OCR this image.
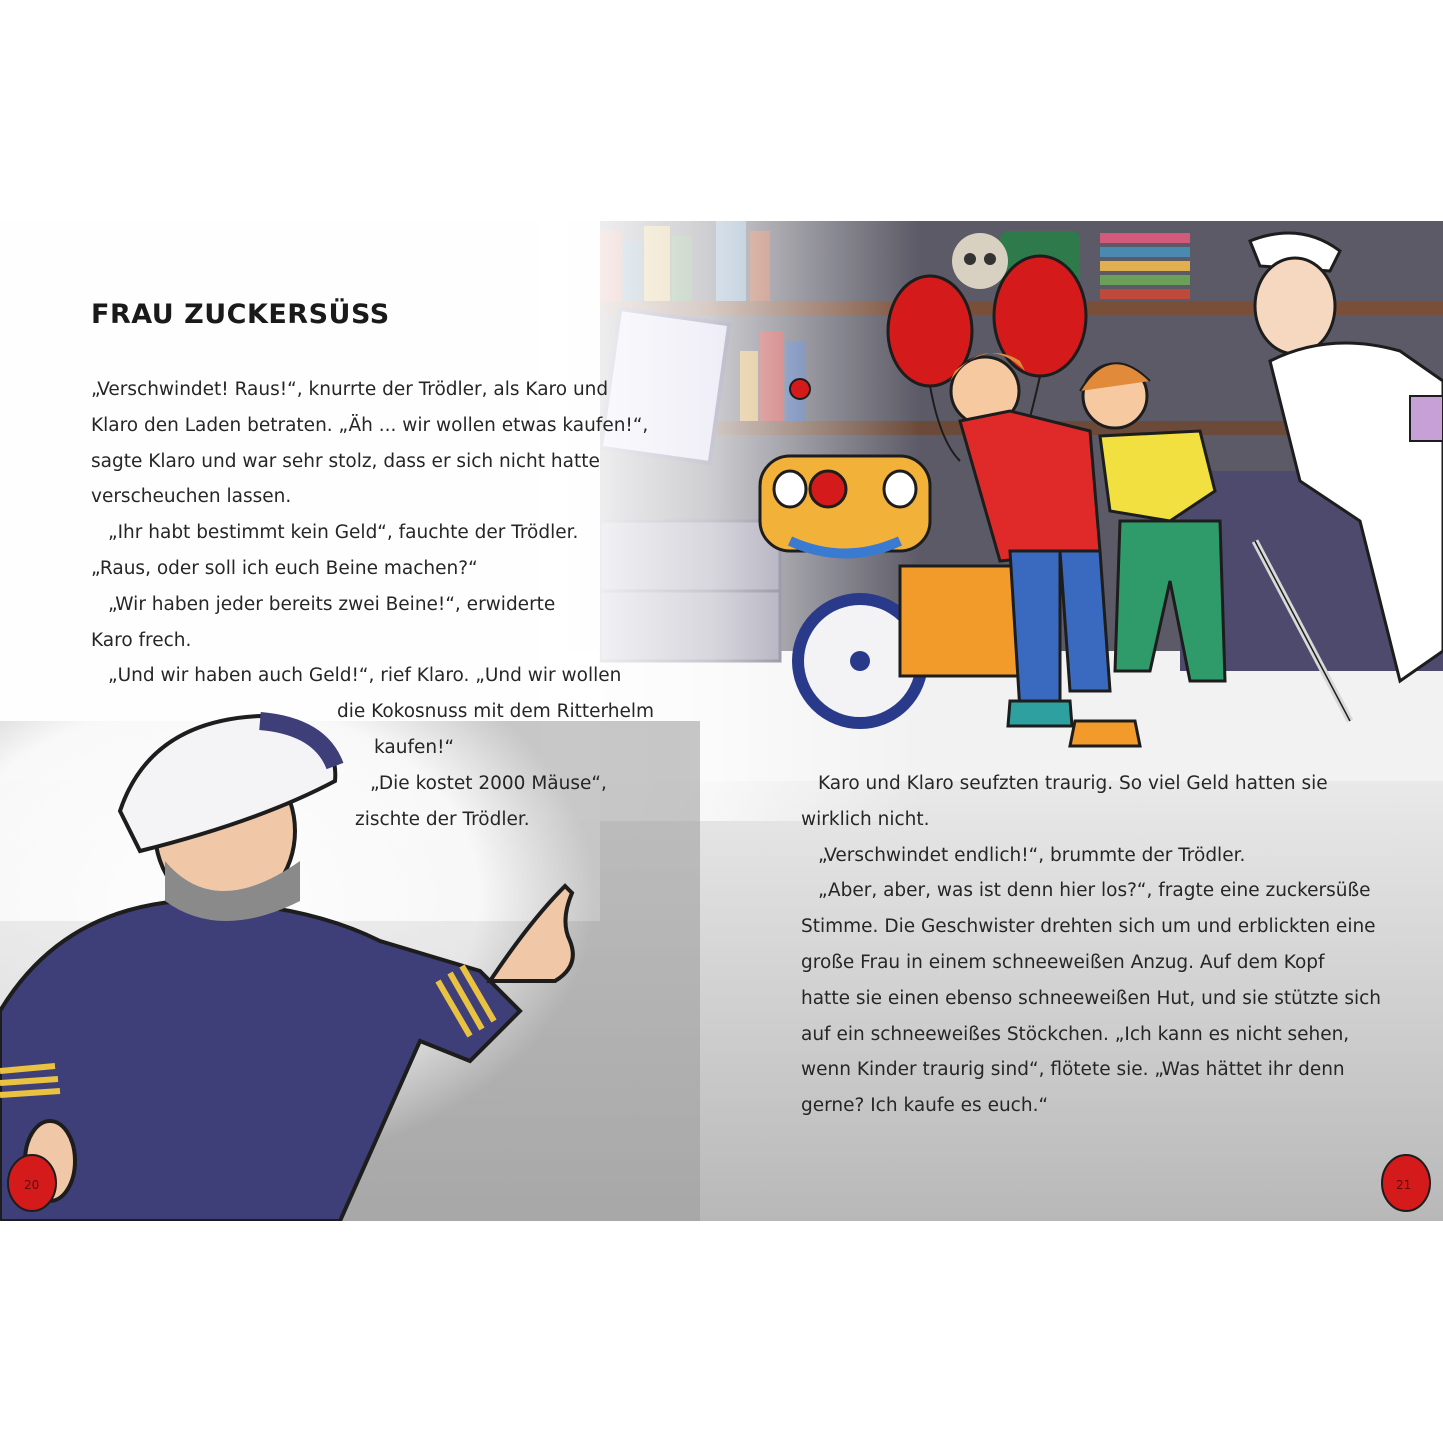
20	21
FRAU ZUCKERSÜSS

„Verschwindet! Raus!“, knurrte der Trödler, als Karo und

Klaro den Laden betraten. „Äh ... wir wollen etwas kaufen!“,

sagte Klaro und war sehr stolz, dass er sich nicht hatte

verscheuchen lassen.

„Ihr habt bestimmt kein Geld“, fauchte der Trödler.

„Raus, oder soll ich euch Beine machen?“

„Wir haben jeder bereits zwei Beine!“, erwiderte

Karo frech.

„Und wir haben auch Geld!“, rief Klaro. „Und wir wollen

die Kokosnuss mit dem Ritterhelm

kaufen!“

„Die kostet 2000 Mäuse“,

zischte der Trödler.

Karo und Klaro seufzten traurig. So viel Geld hatten sie

wirklich nicht.

„Verschwindet endlich!“, brummte der Trödler.

„Aber, aber, was ist denn hier los?“, fragte eine zuckersüße

Stimme. Die Geschwister drehten sich um und erblickten eine

große Frau in einem schneeweißen Anzug. Auf dem Kopf

hatte sie einen ebenso schneeweißen Hut, und sie stützte sich

auf ein schneeweißes Stöckchen. „Ich kann es nicht sehen,

wenn Kinder traurig sind“, flötete sie. „Was hättet ihr denn

gerne? Ich kaufe es euch.“
